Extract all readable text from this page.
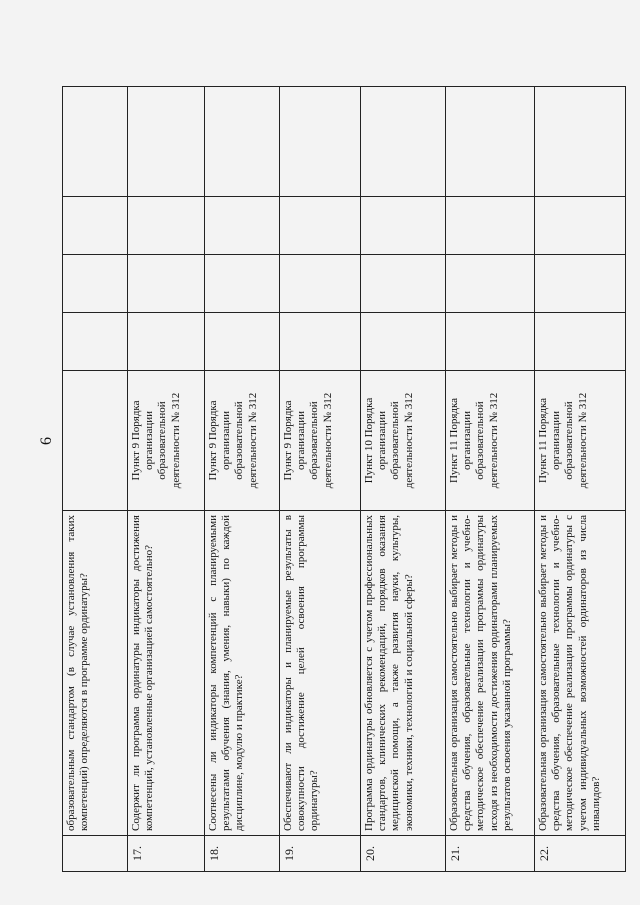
6
	образовательным стандартом (в случае установления таких компетенций) определяются в программе ординатуры?					
17.	Содержит ли программа ординатуры индикаторы достижения компетенций, установленные организацией самостоятельно?	Пункт 9 Порядка организации образовательной деятельности № 312				
18.	Соотнесены ли индикаторы компетенций с планируемыми результатами обучения (знания, умения, навыки) по каждой дисциплине, модулю и практике?	Пункт 9 Порядка организации образовательной деятельности № 312				
19.	Обеспечивают ли индикаторы и планируемые результаты в совокупности достижение целей освоения программы ординатуры?	Пункт 9 Порядка организации образовательной деятельности № 312				
20.	Программа ординатуры обновляется с учетом профессиональных стандартов, клинических рекомендаций, порядков оказания медицинской помощи, а также развития науки, культуры, экономики, техники, технологий и социальной сферы?	Пункт 10 Порядка организации образовательной деятельности № 312				
21.	Образовательная организация самостоятельно выбирает методы и средства обучения, образовательные технологии и учебно-методическое обеспечение реализации программы ординатуры исходя из необходимости достижения ординаторами планируемых результатов освоения указанной программы?	Пункт 11 Порядка организации образовательной деятельности № 312				
22.	Образовательная организация самостоятельно выбирает методы и средства обучения, образовательные технологии и учебно-методическое обеспечение реализации программы ординатуры с учетом индивидуальных возможностей ординаторов из числа инвалидов?	Пункт 11 Порядка организации образовательной деятельности № 312				
